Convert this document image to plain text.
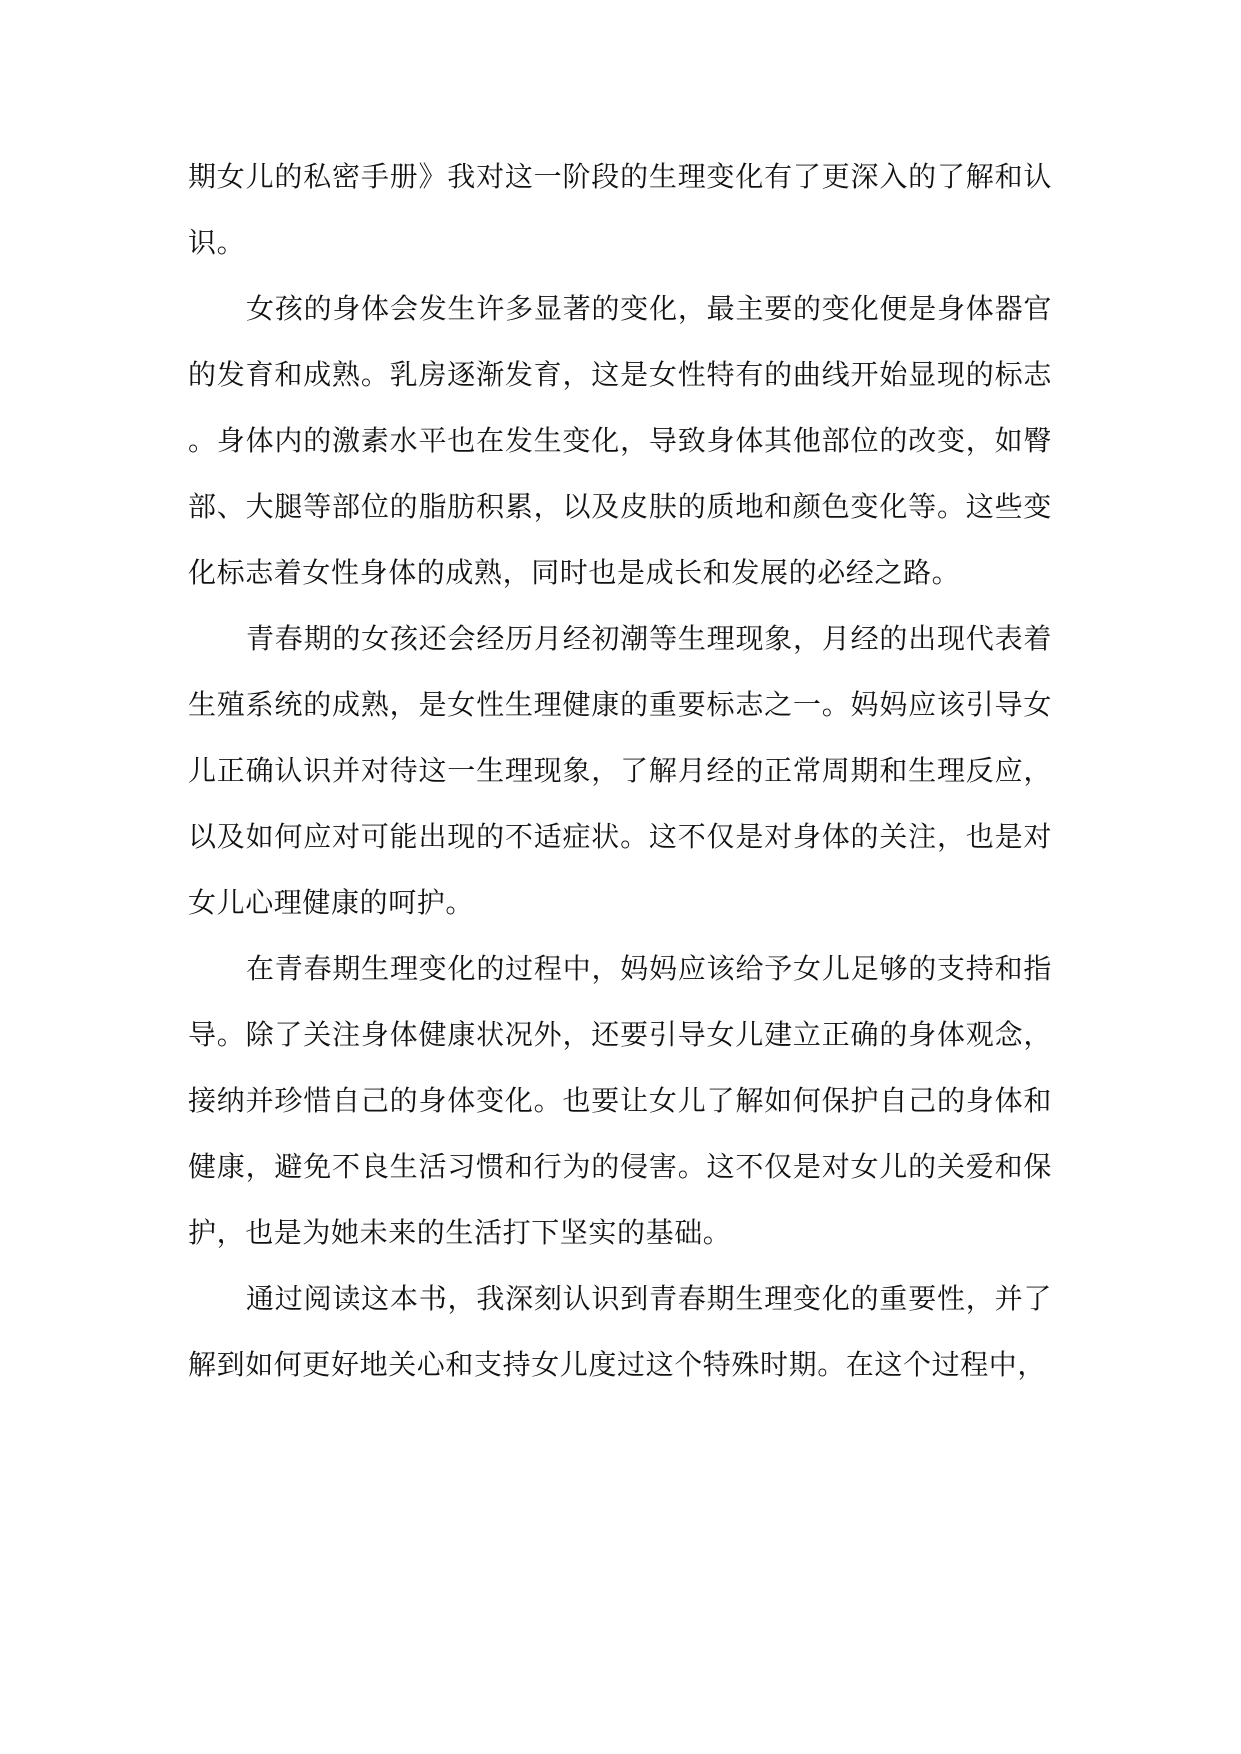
期女儿的私密手册》我对这一阶段的生理变化有了更深入的了解和认识。

女孩的身体会发生许多显著的变化，最主要的变化便是身体器官的发育和成熟。乳房逐渐发育，这是女性特有的曲线开始显现的标志。身体内的激素水平也在发生变化，导致身体其他部位的改变，如臀部、大腿等部位的脂肪积累，以及皮肤的质地和颜色变化等。这些变化标志着女性身体的成熟，同时也是成长和发展的必经之路。

青春期的女孩还会经历月经初潮等生理现象，月经的出现代表着生殖系统的成熟，是女性生理健康的重要标志之一。妈妈应该引导女儿正确认识并对待这一生理现象，了解月经的正常周期和生理反应，以及如何应对可能出现的不适症状。这不仅是对身体的关注，也是对女儿心理健康的呵护。

在青春期生理变化的过程中，妈妈应该给予女儿足够的支持和指导。除了关注身体健康状况外，还要引导女儿建立正确的身体观念，接纳并珍惜自己的身体变化。也要让女儿了解如何保护自己的身体和健康，避免不良生活习惯和行为的侵害。这不仅是对女儿的关爱和保护，也是为她未来的生活打下坚实的基础。

通过阅读这本书，我深刻认识到青春期生理变化的重要性，并了解到如何更好地关心和支持女儿度过这个特殊时期。在这个过程中，
